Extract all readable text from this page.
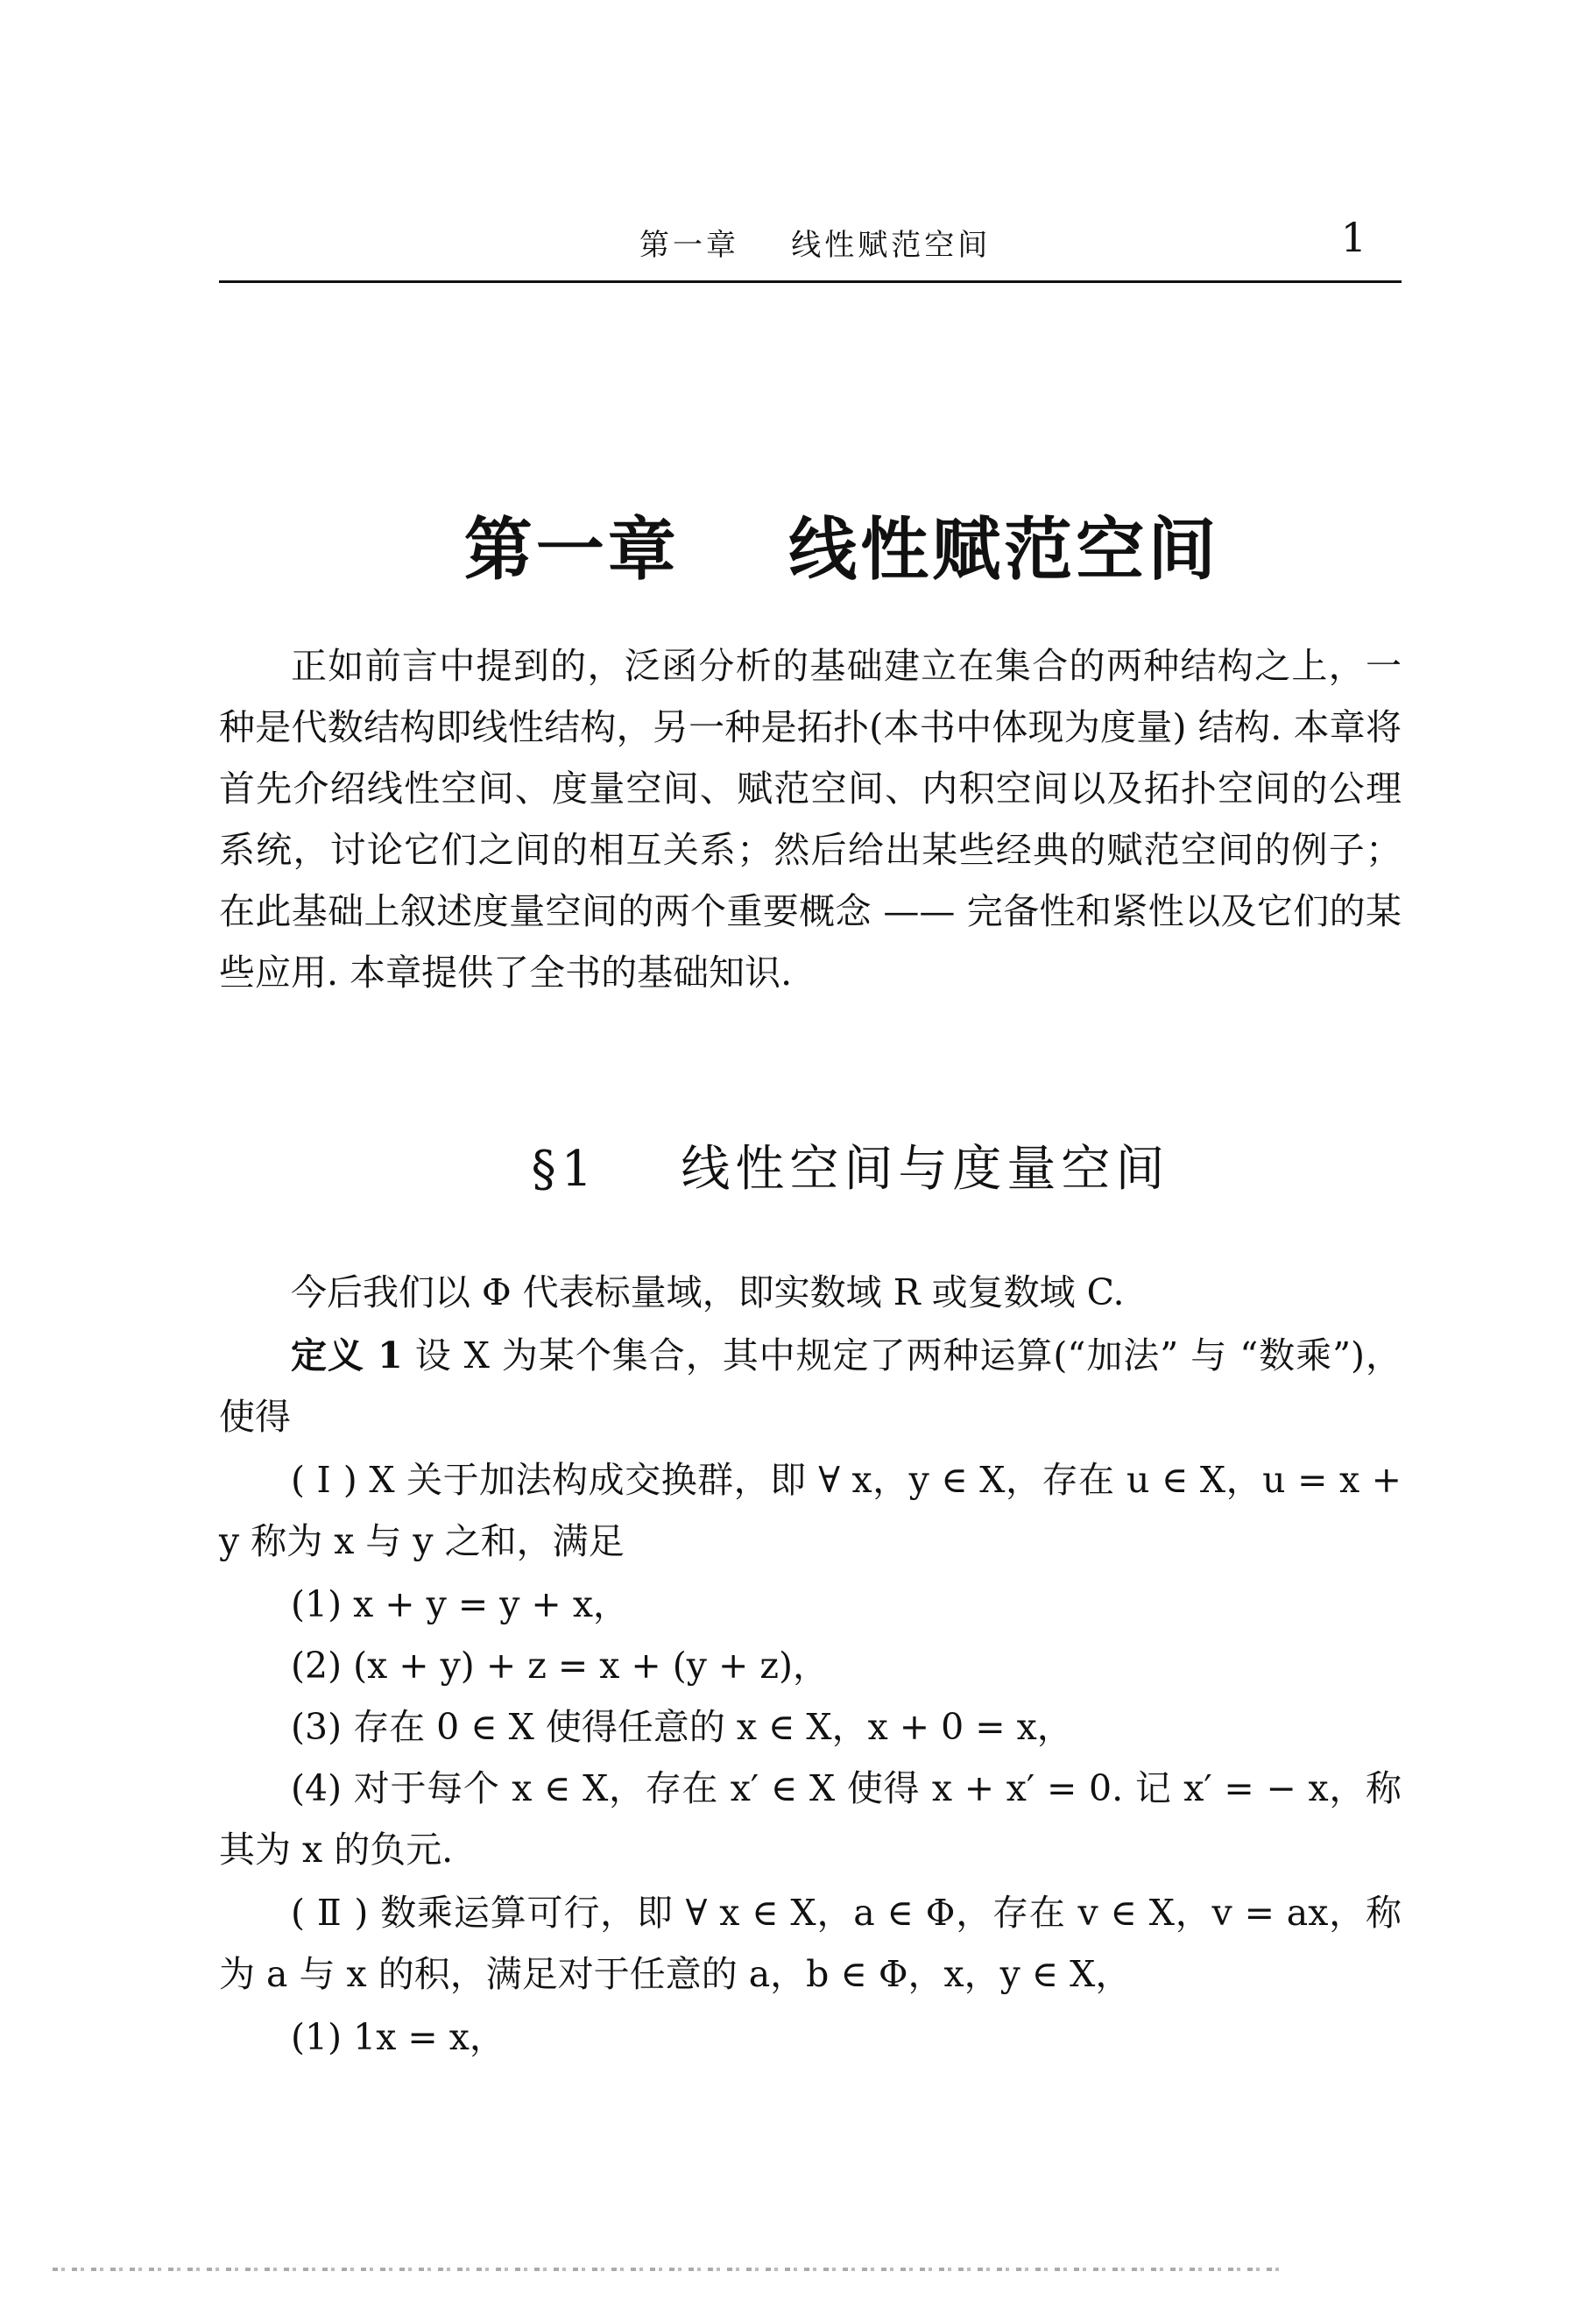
第一章    线性赋范空间	1
第一章    线性赋范空间

正如前言中提到的，泛函分析的基础建立在集合的两种结构之上，一种是代数结构即线性结构，另一种是拓扑(本书中体现为度量) 结构. 本章将首先介绍线性空间、度量空间、赋范空间、内积空间以及拓扑空间的公理系统，讨论它们之间的相互关系；然后给出某些经典的赋范空间的例子；在此基础上叙述度量空间的两个重要概念 —— 完备性和紧性以及它们的某些应用. 本章提供了全书的基础知识.

§1    线性空间与度量空间

今后我们以 Φ 代表标量域，即实数域 R 或复数域 C.

定义 1 设 X 为某个集合，其中规定了两种运算(“加法” 与 “数乘”)，使得

( Ⅰ ) X 关于加法构成交换群，即 ∀ x，y ∈ X，存在 u ∈ X，u = x + y 称为 x 与 y 之和，满足

(1) x + y = y + x，

(2) (x + y) + z = x + (y + z)，

(3) 存在 0 ∈ X 使得任意的 x ∈ X，x + 0 = x，

(4) 对于每个 x ∈ X，存在 x′ ∈ X 使得 x + x′ = 0. 记 x′ = − x，称其为 x 的负元.

( Ⅱ ) 数乘运算可行，即 ∀ x ∈ X，a ∈ Φ，存在 v ∈ X，v = ax，称为 a 与 x 的积，满足对于任意的 a，b ∈ Φ，x，y ∈ X，

(1) 1x = x，
